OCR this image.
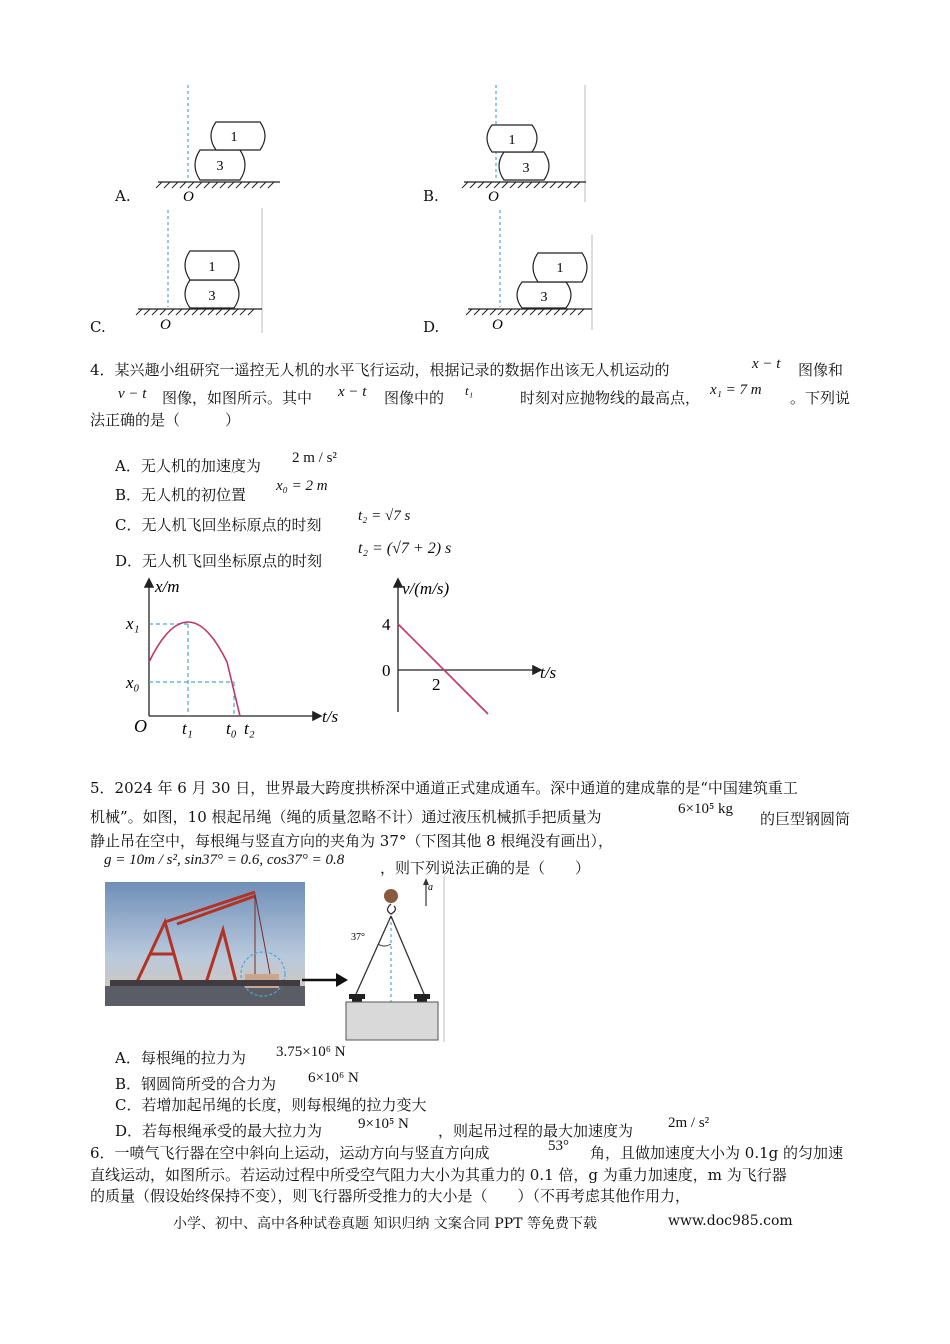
1
3
O
A.
1
3
O
B.
1
3
O
C.
1
3
O
D.
4．某兴趣小组研究一遥控无人机的水平飞行运动，根据记录的数据作出该无人机运动的	x − t 图像和
v − t 图像，如图所示。其中 x − t 图像中的 t₁	时刻对应抛物线的最高点， x₁ = 7 m 。下列说
法正确的是（　　　）
A．无人机的加速度为 2 m / s²
B．无人机的初位置 x₀ = 2 m
C．无人机飞回坐标原点的时刻 t₂ = √7 s
D．无人机飞回坐标原点的时刻
t₂ = (√7 + 2) s
x/m
t/s
O
x₁
x₀
t₁ t₀ t₂
v/(m/s)
t/s
4
0
2
5．2024 年 6 月 30 日，世界最大跨度拱桥深中通道正式建成通车。深中通道的建成靠的是“中国建筑重工
机械”。如图，10 根起吊绳（绳的质量忽略不计）通过液压机械抓手把质量为	6×10⁵ kg
的巨型钢圆筒
静止吊在空中，每根绳与竖直方向的夹角为 37°（下图其他 8 根绳没有画出），
g = 10m / s², sin37° = 0.6, cos37° = 0.8 ，则下列说法正确的是（　　）
a
37°
A．每根绳的拉力为 3.75×10⁶ N
B．钢圆筒所受的合力为 6×10⁶ N
C．若增加起吊绳的长度，则每根绳的拉力变大
D．若每根绳承受的最大拉力为 9×10⁵ N ，则起吊过程的最大加速度为 2m / s²
6．一喷气飞行器在空中斜向上运动，运动方向与竖直方向成	53° 角，且做加速度大小为 0.1g 的匀加速
直线运动，如图所示。若运动过程中所受空气阻力大小为其重力的 0.1 倍，g 为重力加速度，m 为飞行器
的质量（假设始终保持不变），则飞行器所受推力的大小是（　　）（不再考虑其他作用力，
小学、初中、高中各种试卷真题 知识归纳 文案合同 PPT 等免费下载	www.doc985.com
